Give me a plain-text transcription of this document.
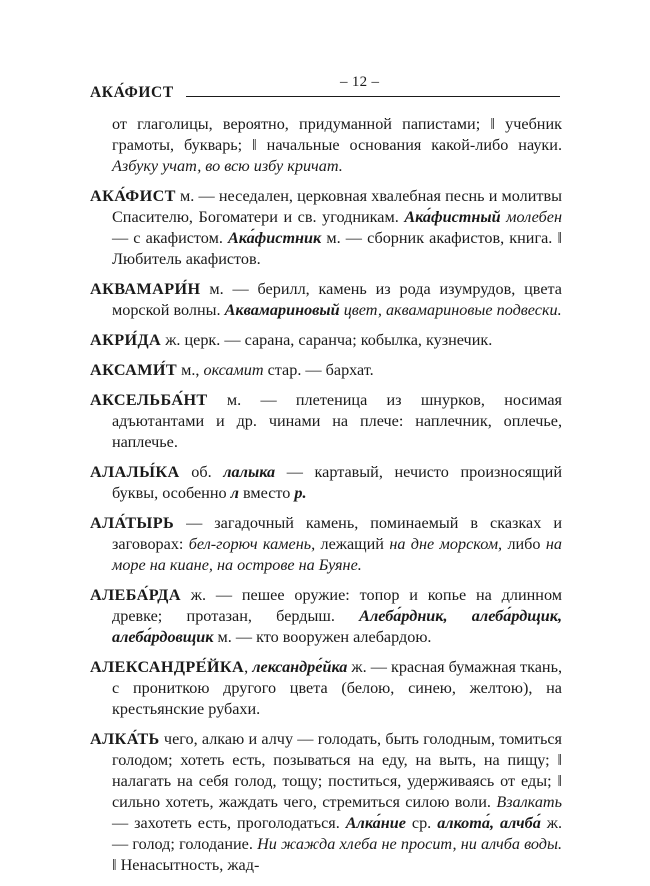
– 12 –
АКА́ФИСТ

от глаголицы, вероятно, придуманной папистами; ‖ учебник грамоты, букварь; ‖ начальные основания какой-либо науки. Азбуку учат, во всю избу кричат.

АКА́ФИСТ м. — неседален, церковная хвалебная песнь и молитвы Спасителю, Богоматери и св. угодникам. Ака́фистный молебен — с акафистом. Ака́фистник м. — сборник акафистов, книга. ‖ Любитель акафистов.

АКВАМАРИ́Н м. — берилл, камень из рода изумрудов, цвета морской волны. Аквамариновый цвет, аквамариновые подвески.

АКРИ́ДА ж. церк. — сарана, саранча; кобылка, кузнечик.

АКСАМИ́Т м., оксамит стар. — бархат.

АКСЕЛЬБА́НТ м. — плетеница из шнурков, носимая адъютантами и др. чинами на плече: наплечник, оплечье, наплечье.

АЛАЛЫ́КА об. лалыка — картавый, нечисто произносящий буквы, особенно л вместо р.

АЛА́ТЫРЬ — загадочный камень, поминаемый в сказках и заговорах: бел-горюч камень, лежащий на дне морском, либо на море на киане, на острове на Буяне.

АЛЕБА́РДА ж. — пешее оружие: топор и копье на длинном древке; протазан, бердыш. Алеба́рдник, алеба́рдщик, алеба́рдовщик м. — кто вооружен алебардою.

АЛЕКСАНДРЕ́ЙКА, лександре́йка ж. — красная бумажная ткань, с прониткою другого цвета (белою, синею, желтою), на крестьянские рубахи.

АЛКА́ТЬ чего, алкаю и алчу — голодать, быть голодным, томиться голодом; хотеть есть, позываться на еду, на выть, на пищу; ‖ налагать на себя голод, тощу; поститься, удерживаясь от еды; ‖ сильно хотеть, жаждать чего, стремиться силою воли. Взалкать — захотеть есть, проголодаться. Алка́ние ср. алкота́, алчба́ ж. — голод; голодание. Ни жажда хлеба не просит, ни алчба воды. ‖ Ненасытность, жад-
